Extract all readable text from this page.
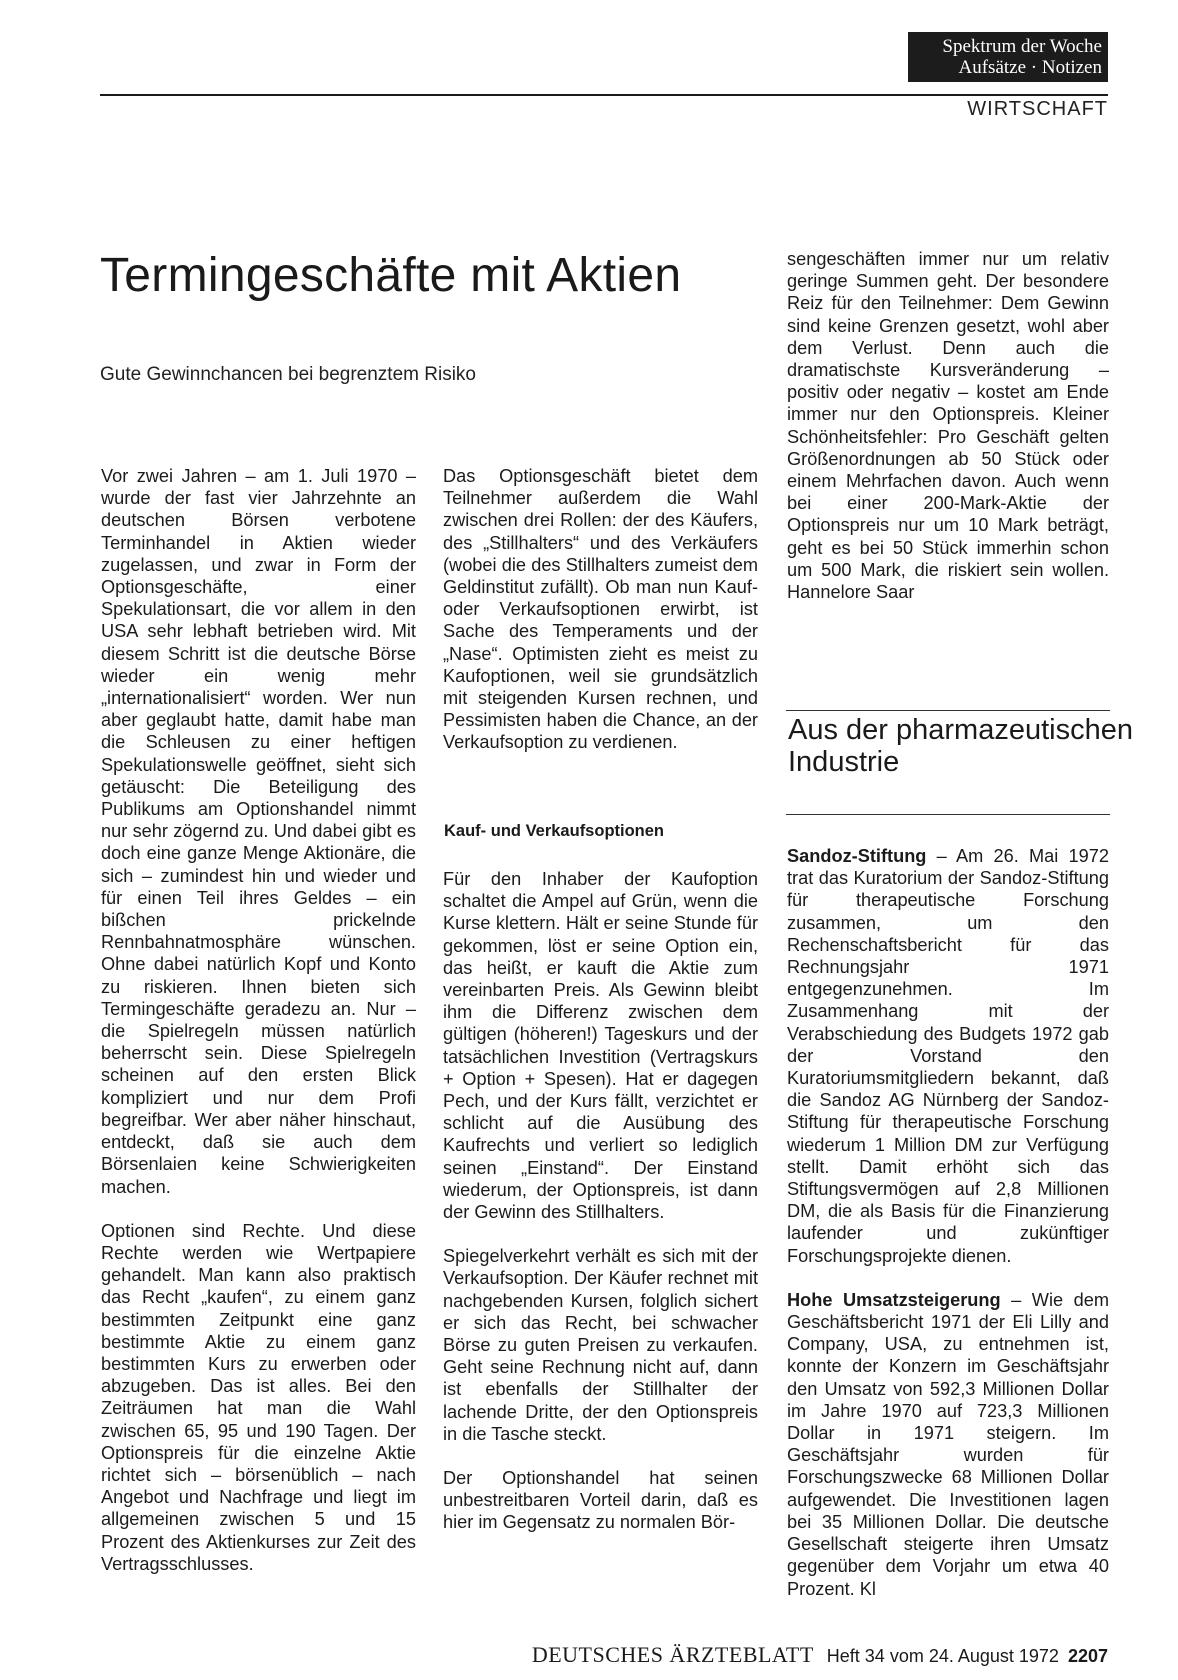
Spektrum der Woche
Aufsätze · Notizen
WIRTSCHAFT
Termingeschäfte mit Aktien
Gute Gewinnchancen bei begrenztem Risiko

Vor zwei Jahren – am 1. Juli 1970 – wurde der fast vier Jahrzehnte an deutschen Börsen verbotene Terminhandel in Aktien wieder zugelassen, und zwar in Form der Optionsgeschäfte, einer Spekulationsart, die vor allem in den USA sehr lebhaft betrieben wird. Mit diesem Schritt ist die deutsche Börse wieder ein wenig mehr „internationalisiert“ worden. Wer nun aber geglaubt hatte, damit habe man die Schleusen zu einer heftigen Spekulationswelle geöffnet, sieht sich getäuscht: Die Beteiligung des Publikums am Optionshandel nimmt nur sehr zögernd zu. Und dabei gibt es doch eine ganze Menge Aktionäre, die sich – zumindest hin und wieder und für einen Teil ihres Geldes – ein bißchen prickelnde Rennbahnatmosphäre wünschen. Ohne dabei natürlich Kopf und Konto zu riskieren. Ihnen bieten sich Termingeschäfte geradezu an. Nur – die Spielregeln müssen natürlich beherrscht sein. Diese Spielregeln scheinen auf den ersten Blick kompliziert und nur dem Profi begreifbar. Wer aber näher hinschaut, entdeckt, daß sie auch dem Börsenlaien keine Schwierigkeiten machen.

Optionen sind Rechte. Und diese Rechte werden wie Wertpapiere gehandelt. Man kann also praktisch das Recht „kaufen“, zu einem ganz bestimmten Zeitpunkt eine ganz bestimmte Aktie zu einem ganz bestimmten Kurs zu erwerben oder abzugeben. Das ist alles. Bei den Zeiträumen hat man die Wahl zwischen 65, 95 und 190 Tagen. Der Optionspreis für die einzelne Aktie richtet sich – börsenüblich – nach Angebot und Nachfrage und liegt im allgemeinen zwischen 5 und 15 Prozent des Aktienkurses zur Zeit des Vertragsschlusses.

Das Optionsgeschäft bietet dem Teilnehmer außerdem die Wahl zwischen drei Rollen: der des Käufers, des „Stillhalters“ und des Verkäufers (wobei die des Stillhalters zumeist dem Geldinstitut zufällt). Ob man nun Kauf- oder Verkaufsoptionen erwirbt, ist Sache des Temperaments und der „Nase“. Optimisten zieht es meist zu Kaufoptionen, weil sie grundsätzlich mit steigenden Kursen rechnen, und Pessimisten haben die Chance, an der Verkaufsoption zu verdienen.

Kauf- und Verkaufsoptionen

Für den Inhaber der Kaufoption schaltet die Ampel auf Grün, wenn die Kurse klettern. Hält er seine Stunde für gekommen, löst er seine Option ein, das heißt, er kauft die Aktie zum vereinbarten Preis. Als Gewinn bleibt ihm die Differenz zwischen dem gültigen (höheren!) Tageskurs und der tatsächlichen Investition (Vertragskurs + Option + Spesen). Hat er dagegen Pech, und der Kurs fällt, verzichtet er schlicht auf die Ausübung des Kaufrechts und verliert so lediglich seinen „Einstand“. Der Einstand wiederum, der Optionspreis, ist dann der Gewinn des Stillhalters.

Spiegelverkehrt verhält es sich mit der Verkaufsoption. Der Käufer rechnet mit nachgebenden Kursen, folglich sichert er sich das Recht, bei schwacher Börse zu guten Preisen zu verkaufen. Geht seine Rechnung nicht auf, dann ist ebenfalls der Stillhalter der lachende Dritte, der den Optionspreis in die Tasche steckt.

Der Optionshandel hat seinen unbestreitbaren Vorteil darin, daß es hier im Gegensatz zu normalen Bör-

sengeschäften immer nur um relativ geringe Summen geht. Der besondere Reiz für den Teilnehmer: Dem Gewinn sind keine Grenzen gesetzt, wohl aber dem Verlust. Denn auch die dramatischste Kursveränderung – positiv oder negativ – kostet am Ende immer nur den Optionspreis. Kleiner Schönheitsfehler: Pro Geschäft gelten Größenordnungen ab 50 Stück oder einem Mehrfachen davon. Auch wenn bei einer 200-Mark-Aktie der Optionspreis nur um 10 Mark beträgt, geht es bei 50 Stück immerhin schon um 500 Mark, die riskiert sein wollen. Hannelore Saar

Aus der pharmazeutischen Industrie

Sandoz-Stiftung – Am 26. Mai 1972 trat das Kuratorium der Sandoz-Stiftung für therapeutische Forschung zusammen, um den Rechenschaftsbericht für das Rechnungsjahr 1971 entgegenzunehmen. Im Zusammenhang mit der Verabschiedung des Budgets 1972 gab der Vorstand den Kuratoriumsmitgliedern bekannt, daß die Sandoz AG Nürnberg der Sandoz-Stiftung für therapeutische Forschung wiederum 1 Million DM zur Verfügung stellt. Damit erhöht sich das Stiftungsvermögen auf 2,8 Millionen DM, die als Basis für die Finanzierung laufender und zukünftiger Forschungsprojekte dienen.

Hohe Umsatzsteigerung – Wie dem Geschäftsbericht 1971 der Eli Lilly and Company, USA, zu entnehmen ist, konnte der Konzern im Geschäftsjahr den Umsatz von 592,3 Millionen Dollar im Jahre 1970 auf 723,3 Millionen Dollar in 1971 steigern. Im Geschäftsjahr wurden für Forschungszwecke 68 Millionen Dollar aufgewendet. Die Investitionen lagen bei 35 Millionen Dollar. Die deutsche Gesellschaft steigerte ihren Umsatz gegenüber dem Vorjahr um etwa 40 Prozent. Kl

DEUTSCHES ÄRZTEBLATT Heft 34 vom 24. August 1972 2207
